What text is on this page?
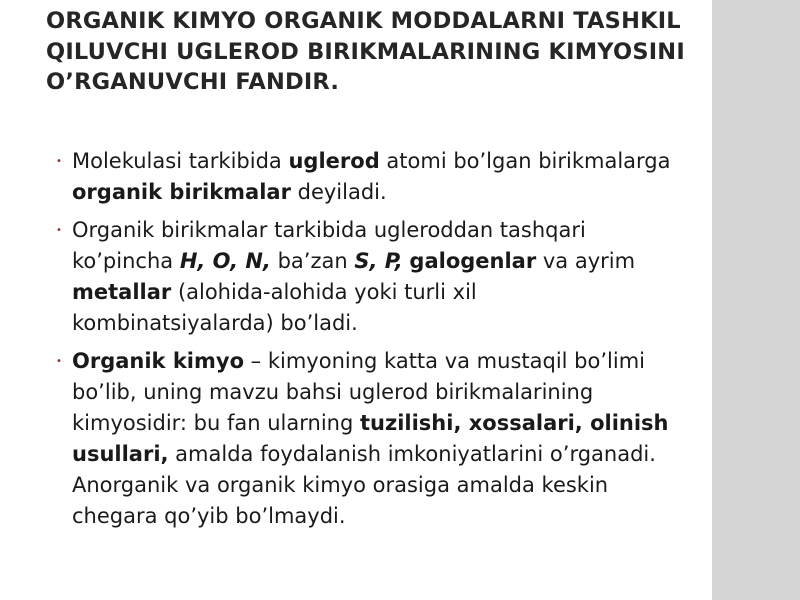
ORGANIK KIMYO ORGANIK MODDALARNI TASHKIL QILUVCHI UGLEROD BIRIKMALARINING KIMYOSINI O’RGANUVCHI FANDIR.
• Molekulasi tarkibida uglerod atomi bo’lgan birikmalarga organik birikmalar deyiladi.
• Organik birikmalar tarkibida ugleroddan tashqari ko’pincha H, O, N, ba’zan S, P, galogenlar va ayrim metallar (alohida-alohida yoki turli xil kombinatsiyalarda) bo’ladi.
• Organik kimyo – kimyoning katta va mustaqil bo’limi bo’lib, uning mavzu bahsi uglerod birikmalarining kimyosidir: bu fan ularning tuzilishi, xossalari, olinish usullari, amalda foydalanish imkoniyatlarini o’rganadi. Anorganik va organik kimyo orasiga amalda keskin chegara qo’yib bo’lmaydi.
